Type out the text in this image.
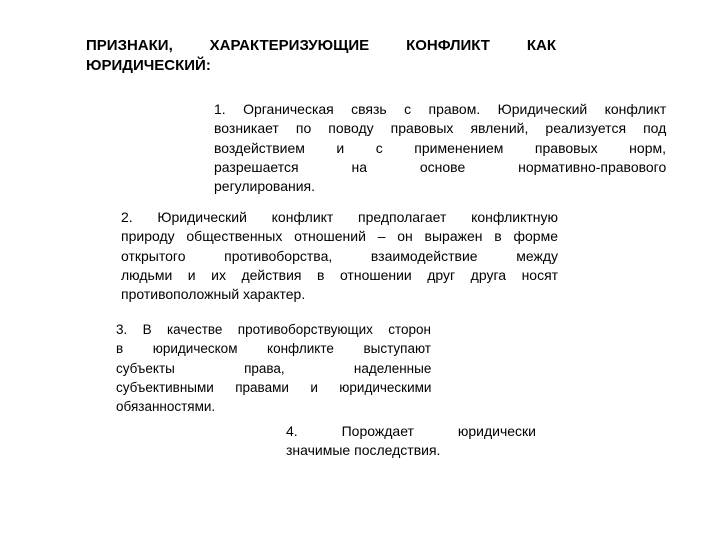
ПРИЗНАКИ, ХАРАКТЕРИЗУЮЩИЕ КОНФЛИКТ КАК
ЮРИДИЧЕСКИЙ:
1. Органическая связь с правом. Юридический конфликт
возникает по поводу правовых явлений, реализуется под
воздействием и с применением правовых норм,
разрешается на основе нормативно-правового
регулирования.
2. Юридический конфликт предполагает конфликтную
природу общественных отношений – он выражен в форме
открытого противоборства, взаимодействие между
людьми и их действия в отношении друг друга носят
противоположный характер.
3. В качестве противоборствующих сторон
в юридическом конфликте выступают
субъекты права, наделенные
субъективными правами и юридическими
обязанностями.
4. Порождает юридически
значимые последствия.
